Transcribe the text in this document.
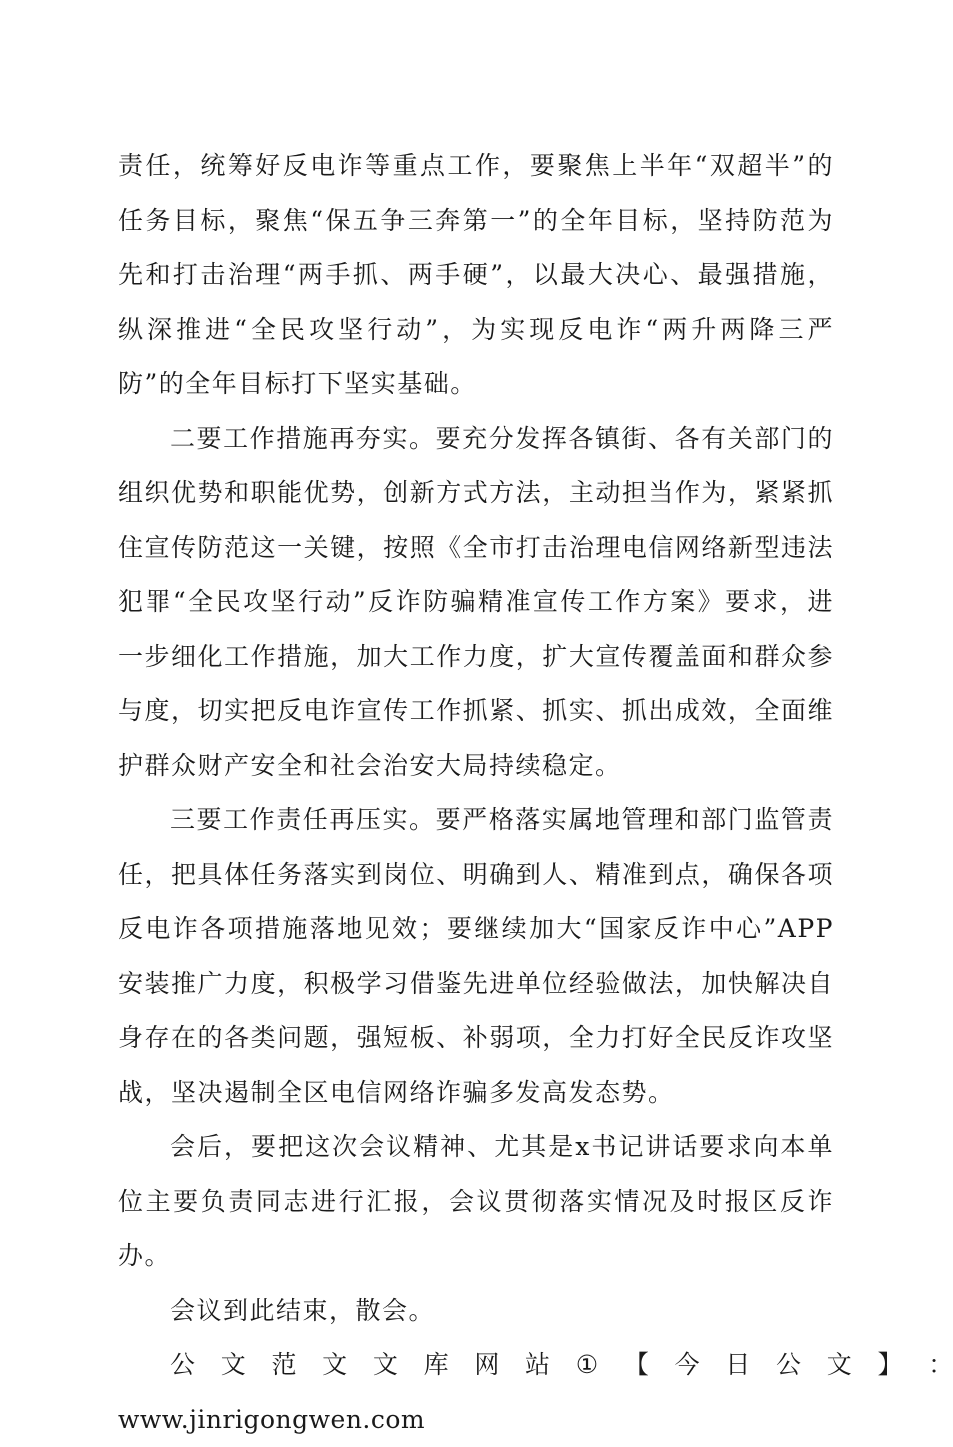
责任，统筹好反电诈等重点工作，要聚焦上半年“双超半”的任务目标，聚焦“保五争三奔第一”的全年目标，坚持防范为先和打击治理“两手抓、两手硬”，以最大决心、最强措施，纵深推进“全民攻坚行动”，为实现反电诈“两升两降三严防”的全年目标打下坚实基础。

二要工作措施再夯实。要充分发挥各镇街、各有关部门的组织优势和职能优势，创新方式方法，主动担当作为，紧紧抓住宣传防范这一关键，按照《全市打击治理电信网络新型违法犯罪“全民攻坚行动”反诈防骗精准宣传工作方案》要求，进一步细化工作措施，加大工作力度，扩大宣传覆盖面和群众参与度，切实把反电诈宣传工作抓紧、抓实、抓出成效，全面维护群众财产安全和社会治安大局持续稳定。

三要工作责任再压实。要严格落实属地管理和部门监管责任，把具体任务落实到岗位、明确到人、精准到点，确保各项反电诈各项措施落地见效；要继续加大“国家反诈中心”APP安装推广力度，积极学习借鉴先进单位经验做法，加快解决自身存在的各类问题，强短板、补弱项，全力打好全民反诈攻坚战，坚决遏制全区电信网络诈骗多发高发态势。

会后，要把这次会议精神、尤其是x书记讲话要求向本单位主要负责同志进行汇报，会议贯彻落实情况及时报区反诈办。

会议到此结束，散会。

公 文 范 文 文 库 网 站 ① 【 今 日 公 文 】 ：

www.jinrigongwen.com
